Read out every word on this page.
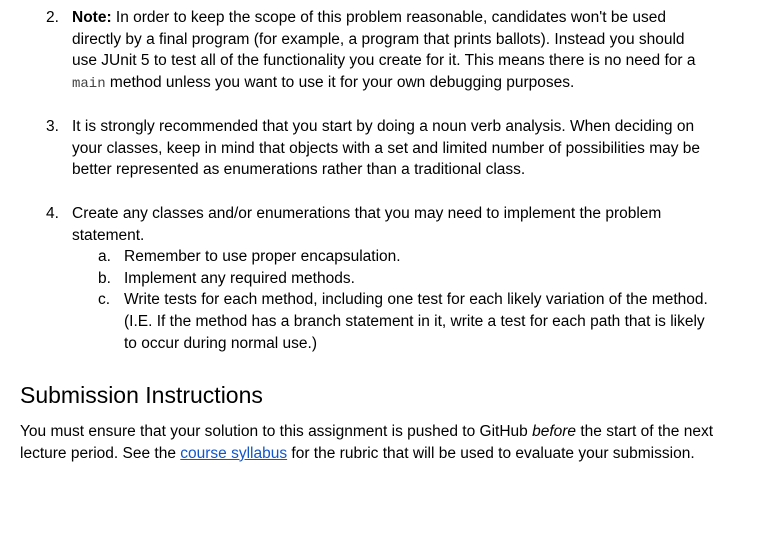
2. Note: In order to keep the scope of this problem reasonable, candidates won't be used directly by a final program (for example, a program that prints ballots). Instead you should use JUnit 5 to test all of the functionality you create for it. This means there is no need for a main method unless you want to use it for your own debugging purposes.
3. It is strongly recommended that you start by doing a noun verb analysis. When deciding on your classes, keep in mind that objects with a set and limited number of possibilities may be better represented as enumerations rather than a traditional class.
4. Create any classes and/or enumerations that you may need to implement the problem statement.
a. Remember to use proper encapsulation.
b. Implement any required methods.
c. Write tests for each method, including one test for each likely variation of the method. (I.E. If the method has a branch statement in it, write a test for each path that is likely to occur during normal use.)
Submission Instructions
You must ensure that your solution to this assignment is pushed to GitHub before the start of the next lecture period. See the course syllabus for the rubric that will be used to evaluate your submission.
